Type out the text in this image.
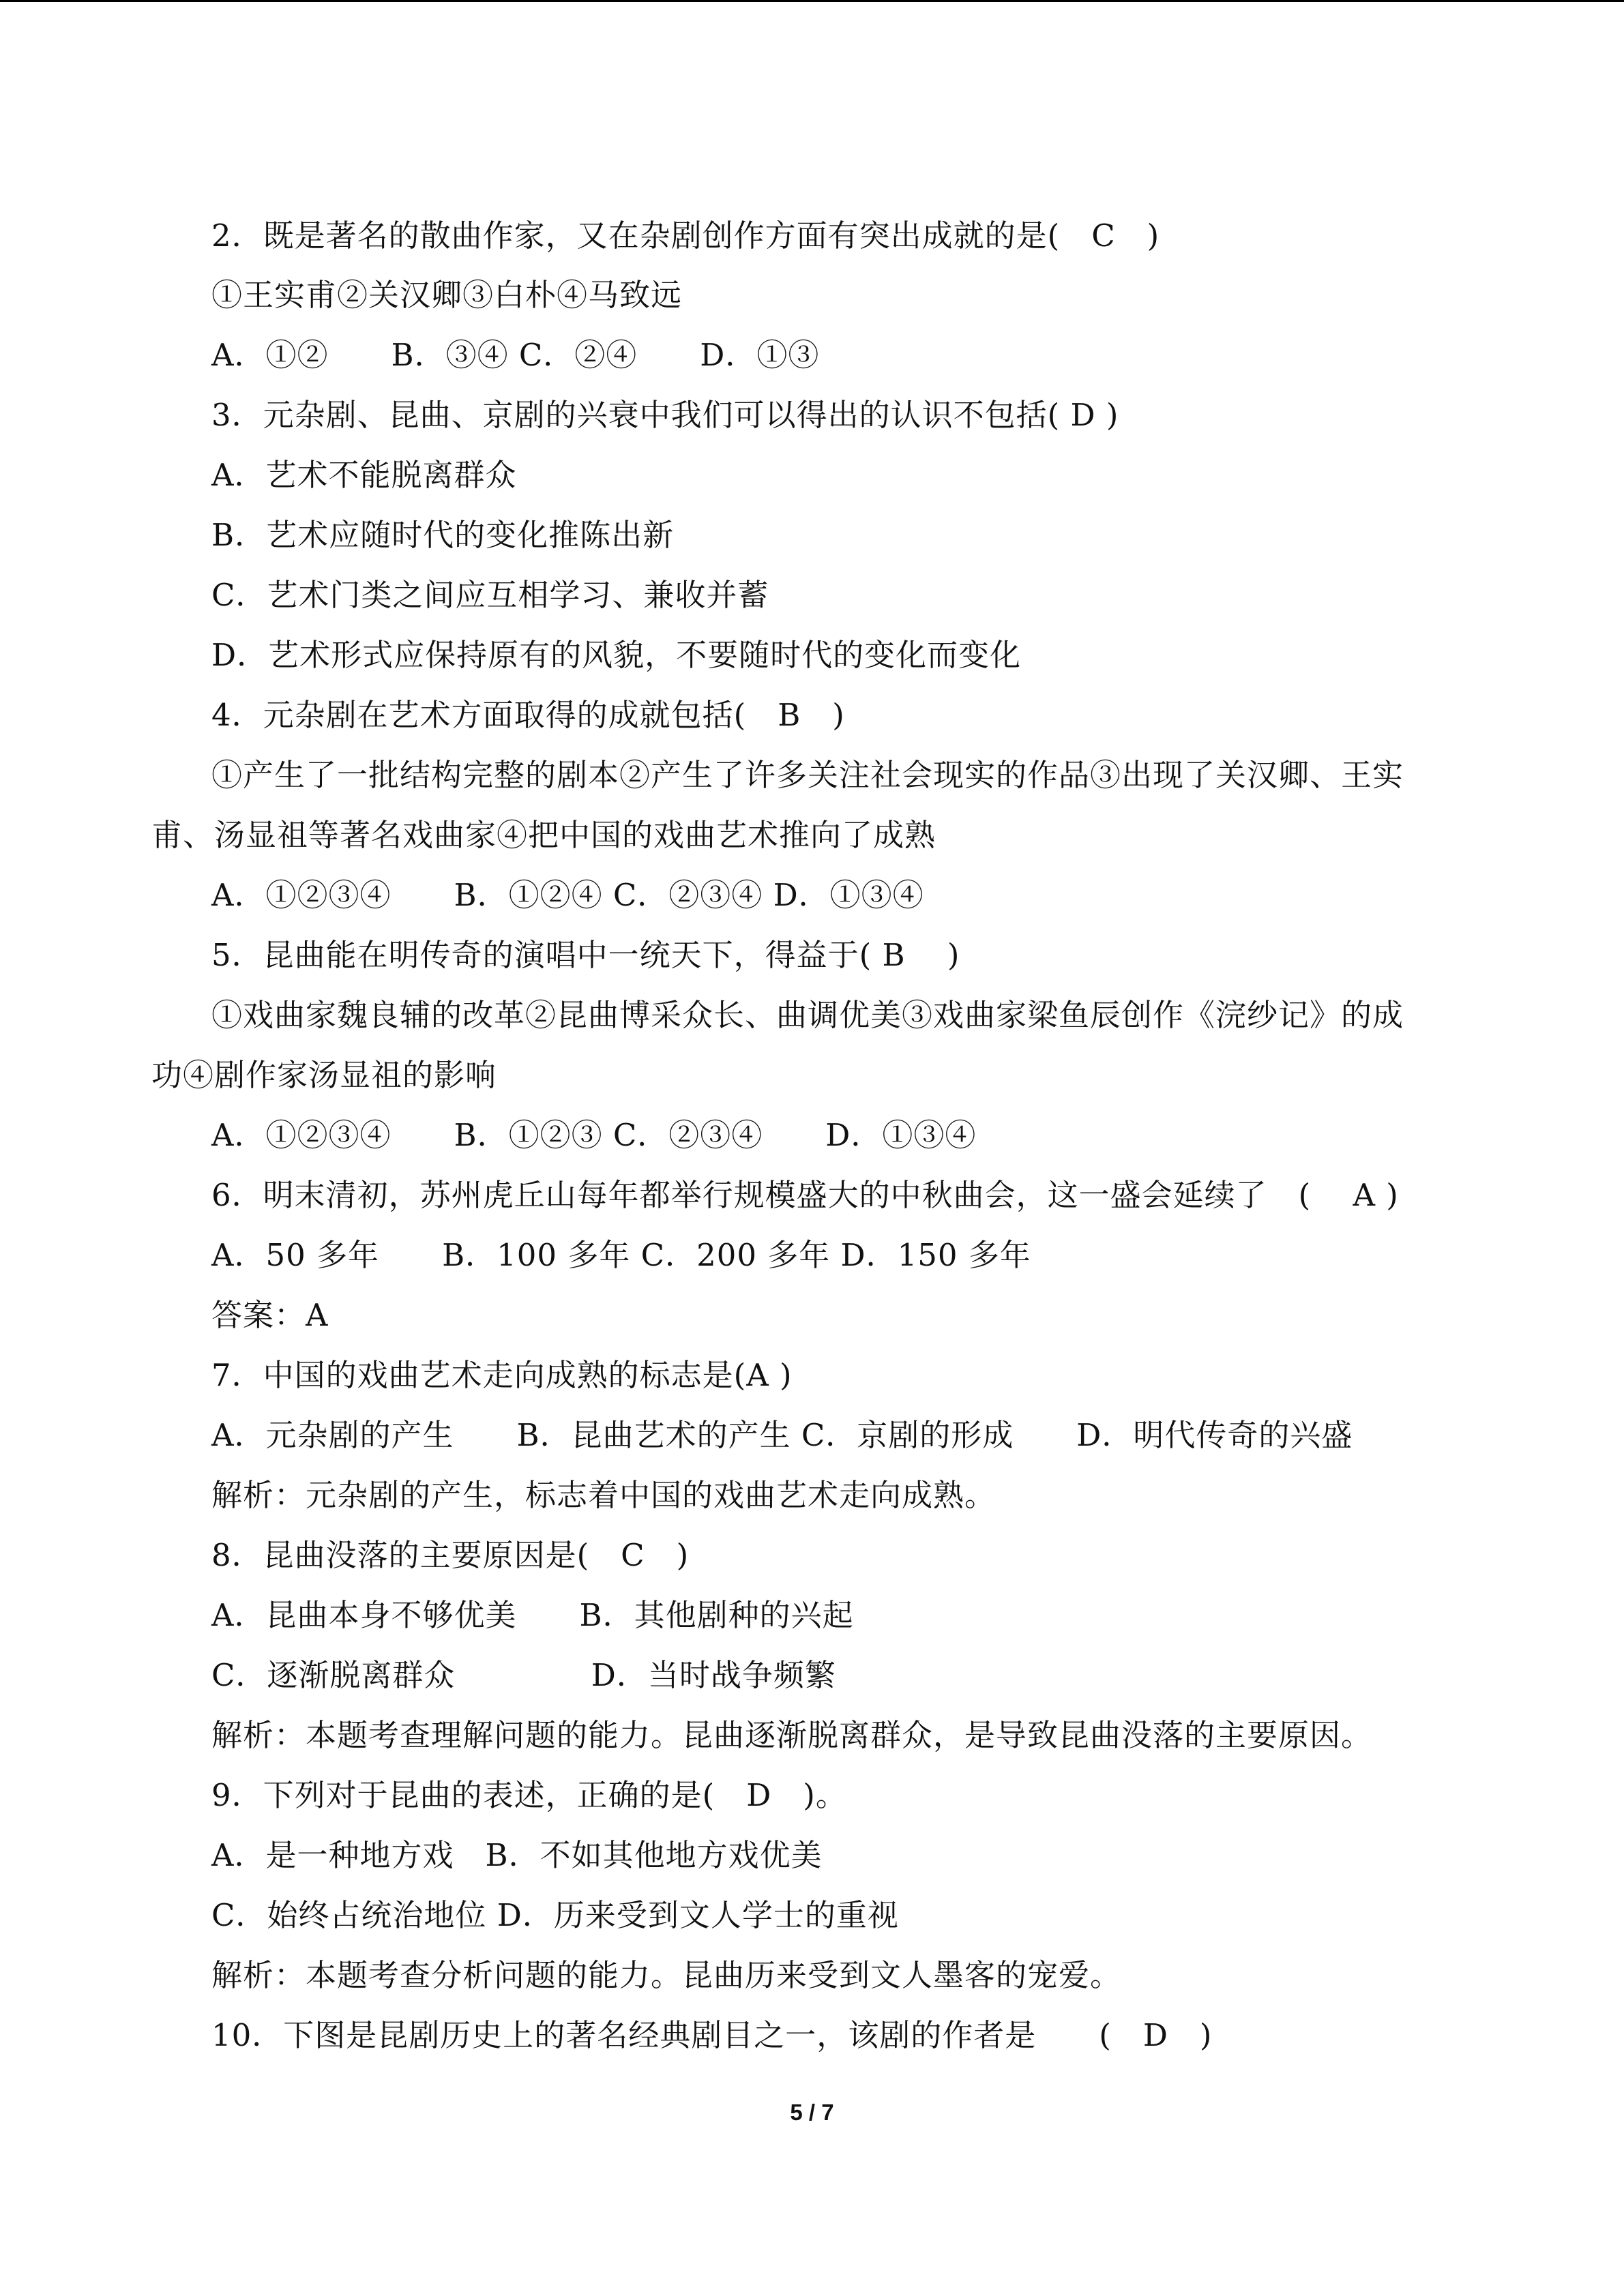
2．既是著名的散曲作家，又在杂剧创作方面有突出成就的是(　C　)
①王实甫②关汉卿③白朴④马致远
A．①②　　B．③④ C．②④　　D．①③
3．元杂剧、昆曲、京剧的兴衰中我们可以得出的认识不包括( D )
A．艺术不能脱离群众
B．艺术应随时代的变化推陈出新
C．艺术门类之间应互相学习、兼收并蓄
D．艺术形式应保持原有的风貌，不要随时代的变化而变化
4．元杂剧在艺术方面取得的成就包括(　B　)
①产生了一批结构完整的剧本②产生了许多关注社会现实的作品③出现了关汉卿、王实
甫、汤显祖等著名戏曲家④把中国的戏曲艺术推向了成熟
A．①②③④　　B．①②④ C．②③④ D．①③④
5．昆曲能在明传奇的演唱中一统天下，得益于( B　 )
①戏曲家魏良辅的改革②昆曲博采众长、曲调优美③戏曲家梁鱼辰创作《浣纱记》的成
功④剧作家汤显祖的影响
A．①②③④　　B．①②③ C．②③④　　D．①③④
6．明末清初，苏州虎丘山每年都举行规模盛大的中秋曲会，这一盛会延续了　(　 A )
A．50 多年　　B．100 多年 C．200 多年 D．150 多年
答案：A
7．中国的戏曲艺术走向成熟的标志是(A )
A．元杂剧的产生　　B．昆曲艺术的产生 C．京剧的形成　　D．明代传奇的兴盛
解析：元杂剧的产生，标志着中国的戏曲艺术走向成熟。
8．昆曲没落的主要原因是(　C　)
A．昆曲本身不够优美　　B．其他剧种的兴起
C．逐渐脱离群众　　　　 D．当时战争频繁
解析：本题考查理解问题的能力。昆曲逐渐脱离群众，是导致昆曲没落的主要原因。
9．下列对于昆曲的表述，正确的是(　D　)。
A．是一种地方戏　B．不如其他地方戏优美
C．始终占统治地位 D．历来受到文人学士的重视
解析：本题考查分析问题的能力。昆曲历来受到文人墨客的宠爱。
10．下图是昆剧历史上的著名经典剧目之一，该剧的作者是　　(　D　)
5 / 7
